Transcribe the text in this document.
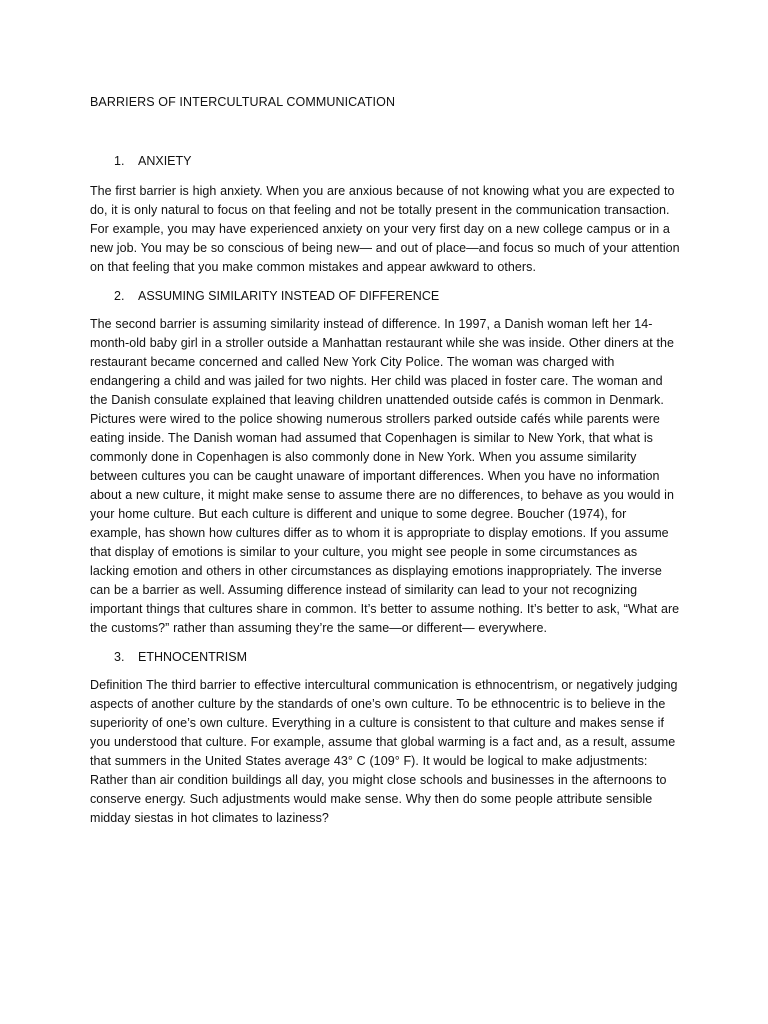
BARRIERS OF INTERCULTURAL COMMUNICATION
1.	ANXIETY

The first barrier is high anxiety. When you are anxious because of not knowing what you are expected to do, it is only natural to focus on that feeling and not be totally present in the communication transaction. For example, you may have experienced anxiety on your very first day on a new college campus or in a new job. You may be so conscious of being new— and out of place—and focus so much of your attention on that feeling that you make common mistakes and appear awkward to others.

2.	ASSUMING SIMILARITY INSTEAD OF DIFFERENCE

The second barrier is assuming similarity instead of difference. In 1997, a Danish woman left her 14-month-old baby girl in a stroller outside a Manhattan restaurant while she was inside. Other diners at the restaurant became concerned and called New York City Police. The woman was charged with endangering a child and was jailed for two nights. Her child was placed in foster care. The woman and the Danish consulate explained that leaving children unattended outside cafés is common in Denmark. Pictures were wired to the police showing numerous strollers parked outside cafés while parents were eating inside. The Danish woman had assumed that Copenhagen is similar to New York, that what is commonly done in Copenhagen is also commonly done in New York. When you assume similarity between cultures you can be caught unaware of important differences. When you have no information about a new culture, it might make sense to assume there are no differences, to behave as you would in your home culture. But each culture is different and unique to some degree. Boucher (1974), for example, has shown how cultures differ as to whom it is appropriate to display emotions. If you assume that display of emotions is similar to your culture, you might see people in some circumstances as lacking emotion and others in other circumstances as displaying emotions inappropriately. The inverse can be a barrier as well. Assuming difference instead of similarity can lead to your not recognizing important things that cultures share in common. It’s better to assume nothing. It’s better to ask, “What are the customs?” rather than assuming they’re the same—or different— everywhere.

3.	ETHNOCENTRISM

Definition The third barrier to effective intercultural communication is ethnocentrism, or negatively judging aspects of another culture by the standards of one’s own culture. To be ethnocentric is to believe in the superiority of one’s own culture. Everything in a culture is consistent to that culture and makes sense if you understood that culture. For example, assume that global warming is a fact and, as a result, assume that summers in the United States average 43° C (109° F). It would be logical to make adjustments: Rather than air condition buildings all day, you might close schools and businesses in the afternoons to conserve energy. Such adjustments would make sense. Why then do some people attribute sensible midday siestas in hot climates to laziness?
